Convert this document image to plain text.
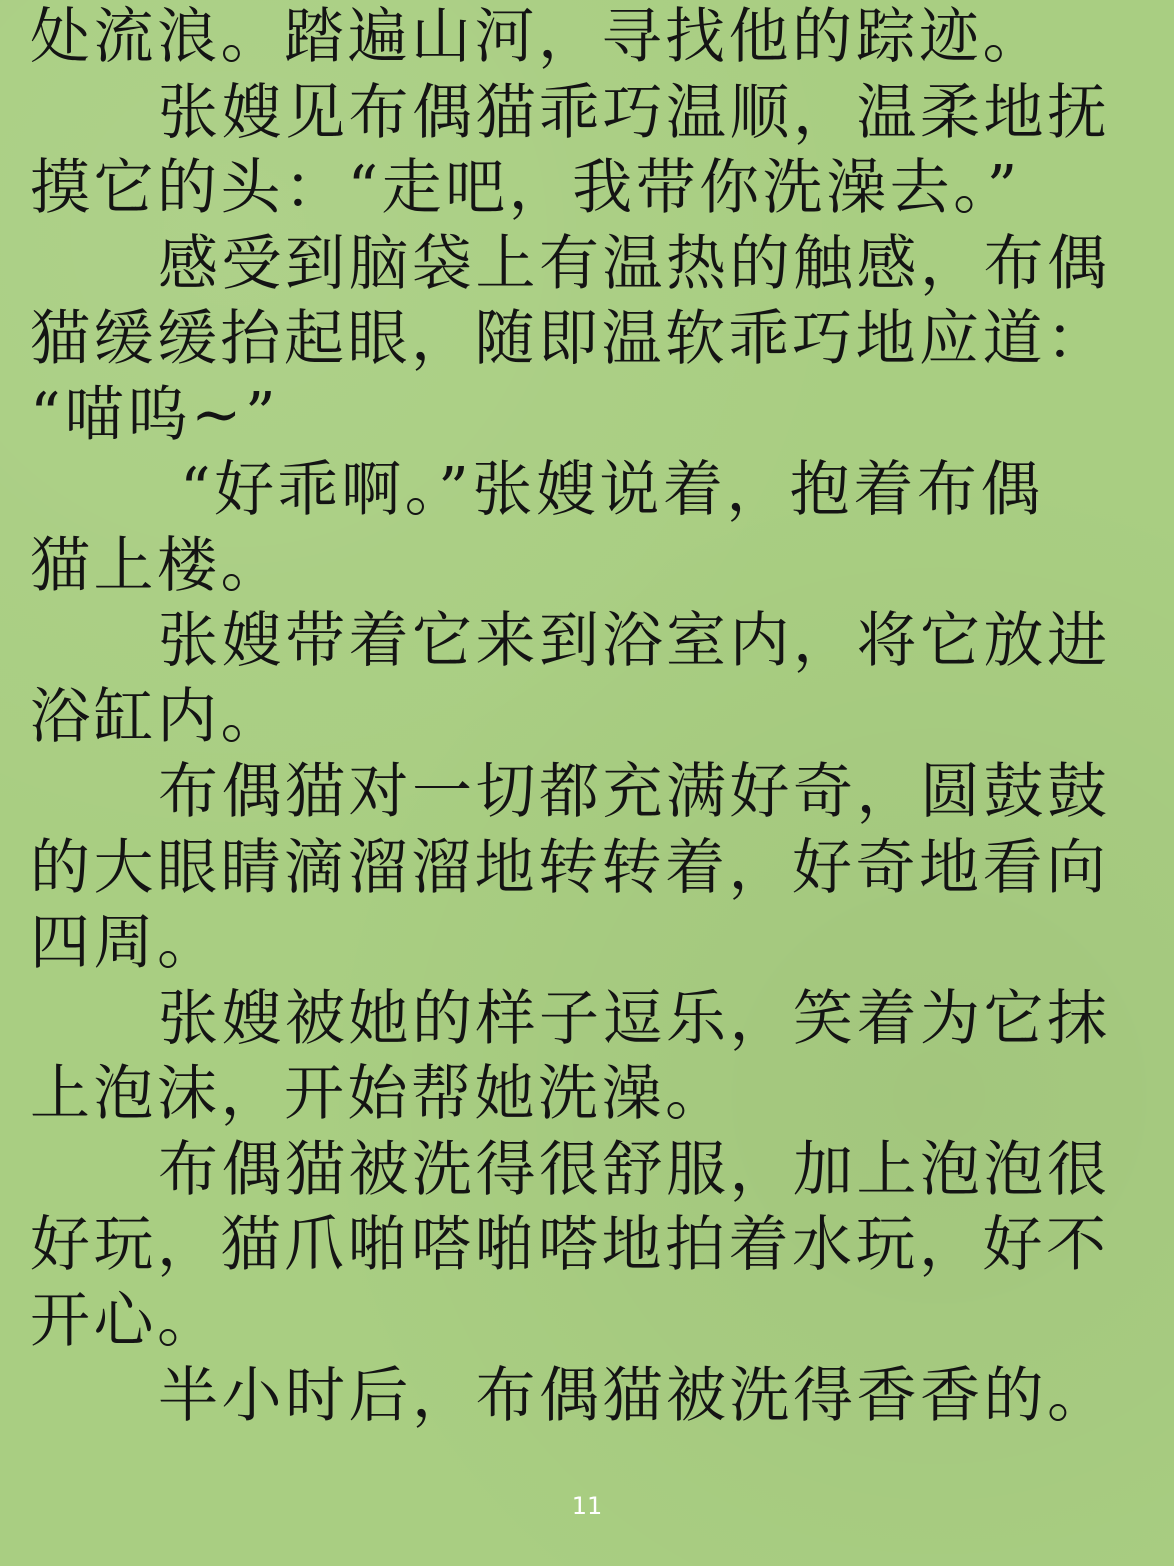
处流浪。踏遍山河，寻找他的踪迹。
张嫂见布偶猫乖巧温顺，温柔地抚
摸它的头：“走吧，我带你洗澡去。”
感受到脑袋上有温热的触感，布偶
猫缓缓抬起眼，随即温软乖巧地应道：
“喵呜~”
“好乖啊。”张嫂说着，抱着布偶
猫上楼。
张嫂带着它来到浴室内，将它放进
浴缸内。
布偶猫对一切都充满好奇，圆鼓鼓
的大眼睛滴溜溜地转转着，好奇地看向
四周。
张嫂被她的样子逗乐，笑着为它抹
上泡沫，开始帮她洗澡。
布偶猫被洗得很舒服，加上泡泡很
好玩，猫爪啪嗒啪嗒地拍着水玩，好不
开心。
半小时后，布偶猫被洗得香香的。
11
